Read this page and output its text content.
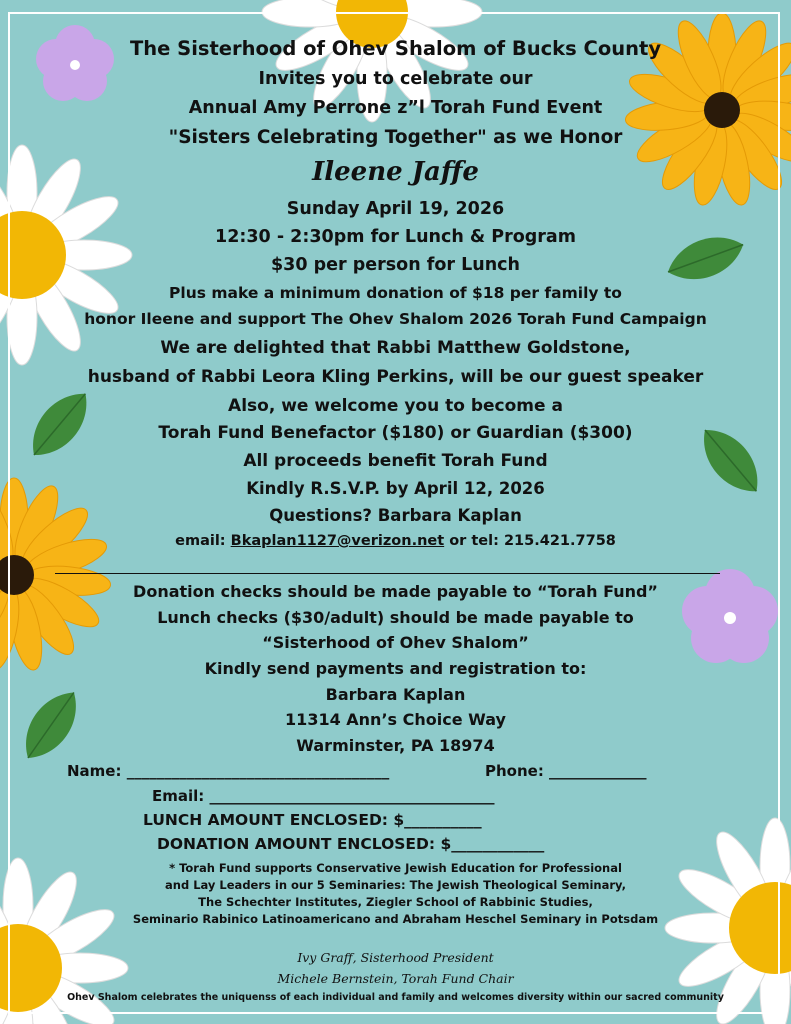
The Sisterhood of Ohev Shalom of Bucks County
Invites you to celebrate our
Annual Amy Perrone z”l Torah Fund Event
"Sisters Celebrating Together" as we Honor
Ileene Jaffe
Sunday April 19, 2026
12:30 - 2:30pm for Lunch & Program
$30 per person for Lunch
Plus make a minimum donation of $18 per family to
honor Ileene and support The Ohev Shalom 2026 Torah Fund Campaign
We are delighted that Rabbi Matthew Goldstone,
husband of Rabbi Leora Kling Perkins, will be our guest speaker
Also, we welcome you to become a
Torah Fund Benefactor ($180) or Guardian ($300)
All proceeds benefit Torah Fund
Kindly R.S.V.P. by April 12, 2026
Questions? Barbara Kaplan
email: Bkaplan1127@verizon.net or tel: 215.421.7758
Donation checks should be made payable to “Torah Fund”
Lunch checks ($30/adult) should be made payable to
“Sisterhood of Ohev Shalom”
Kindly send payments and registration to:
Barbara Kaplan
11314 Ann’s Choice Way
Warminster, PA 18974
Name: ___________________________________	Phone: _____________
Email: ______________________________________
LUNCH AMOUNT ENCLOSED: $__________
DONATION AMOUNT ENCLOSED: $____________
* Torah Fund supports Conservative Jewish Education for Professional
and Lay Leaders in our 5 Seminaries: The Jewish Theological Seminary,
The Schechter Institutes, Ziegler School of Rabbinic Studies,
Seminario Rabinico Latinoamericano and Abraham Heschel Seminary in Potsdam
Ivy Graff, Sisterhood President
Michele Bernstein, Torah Fund Chair
Ohev Shalom celebrates the uniquenss of each individual and family and welcomes diversity within our sacred community
